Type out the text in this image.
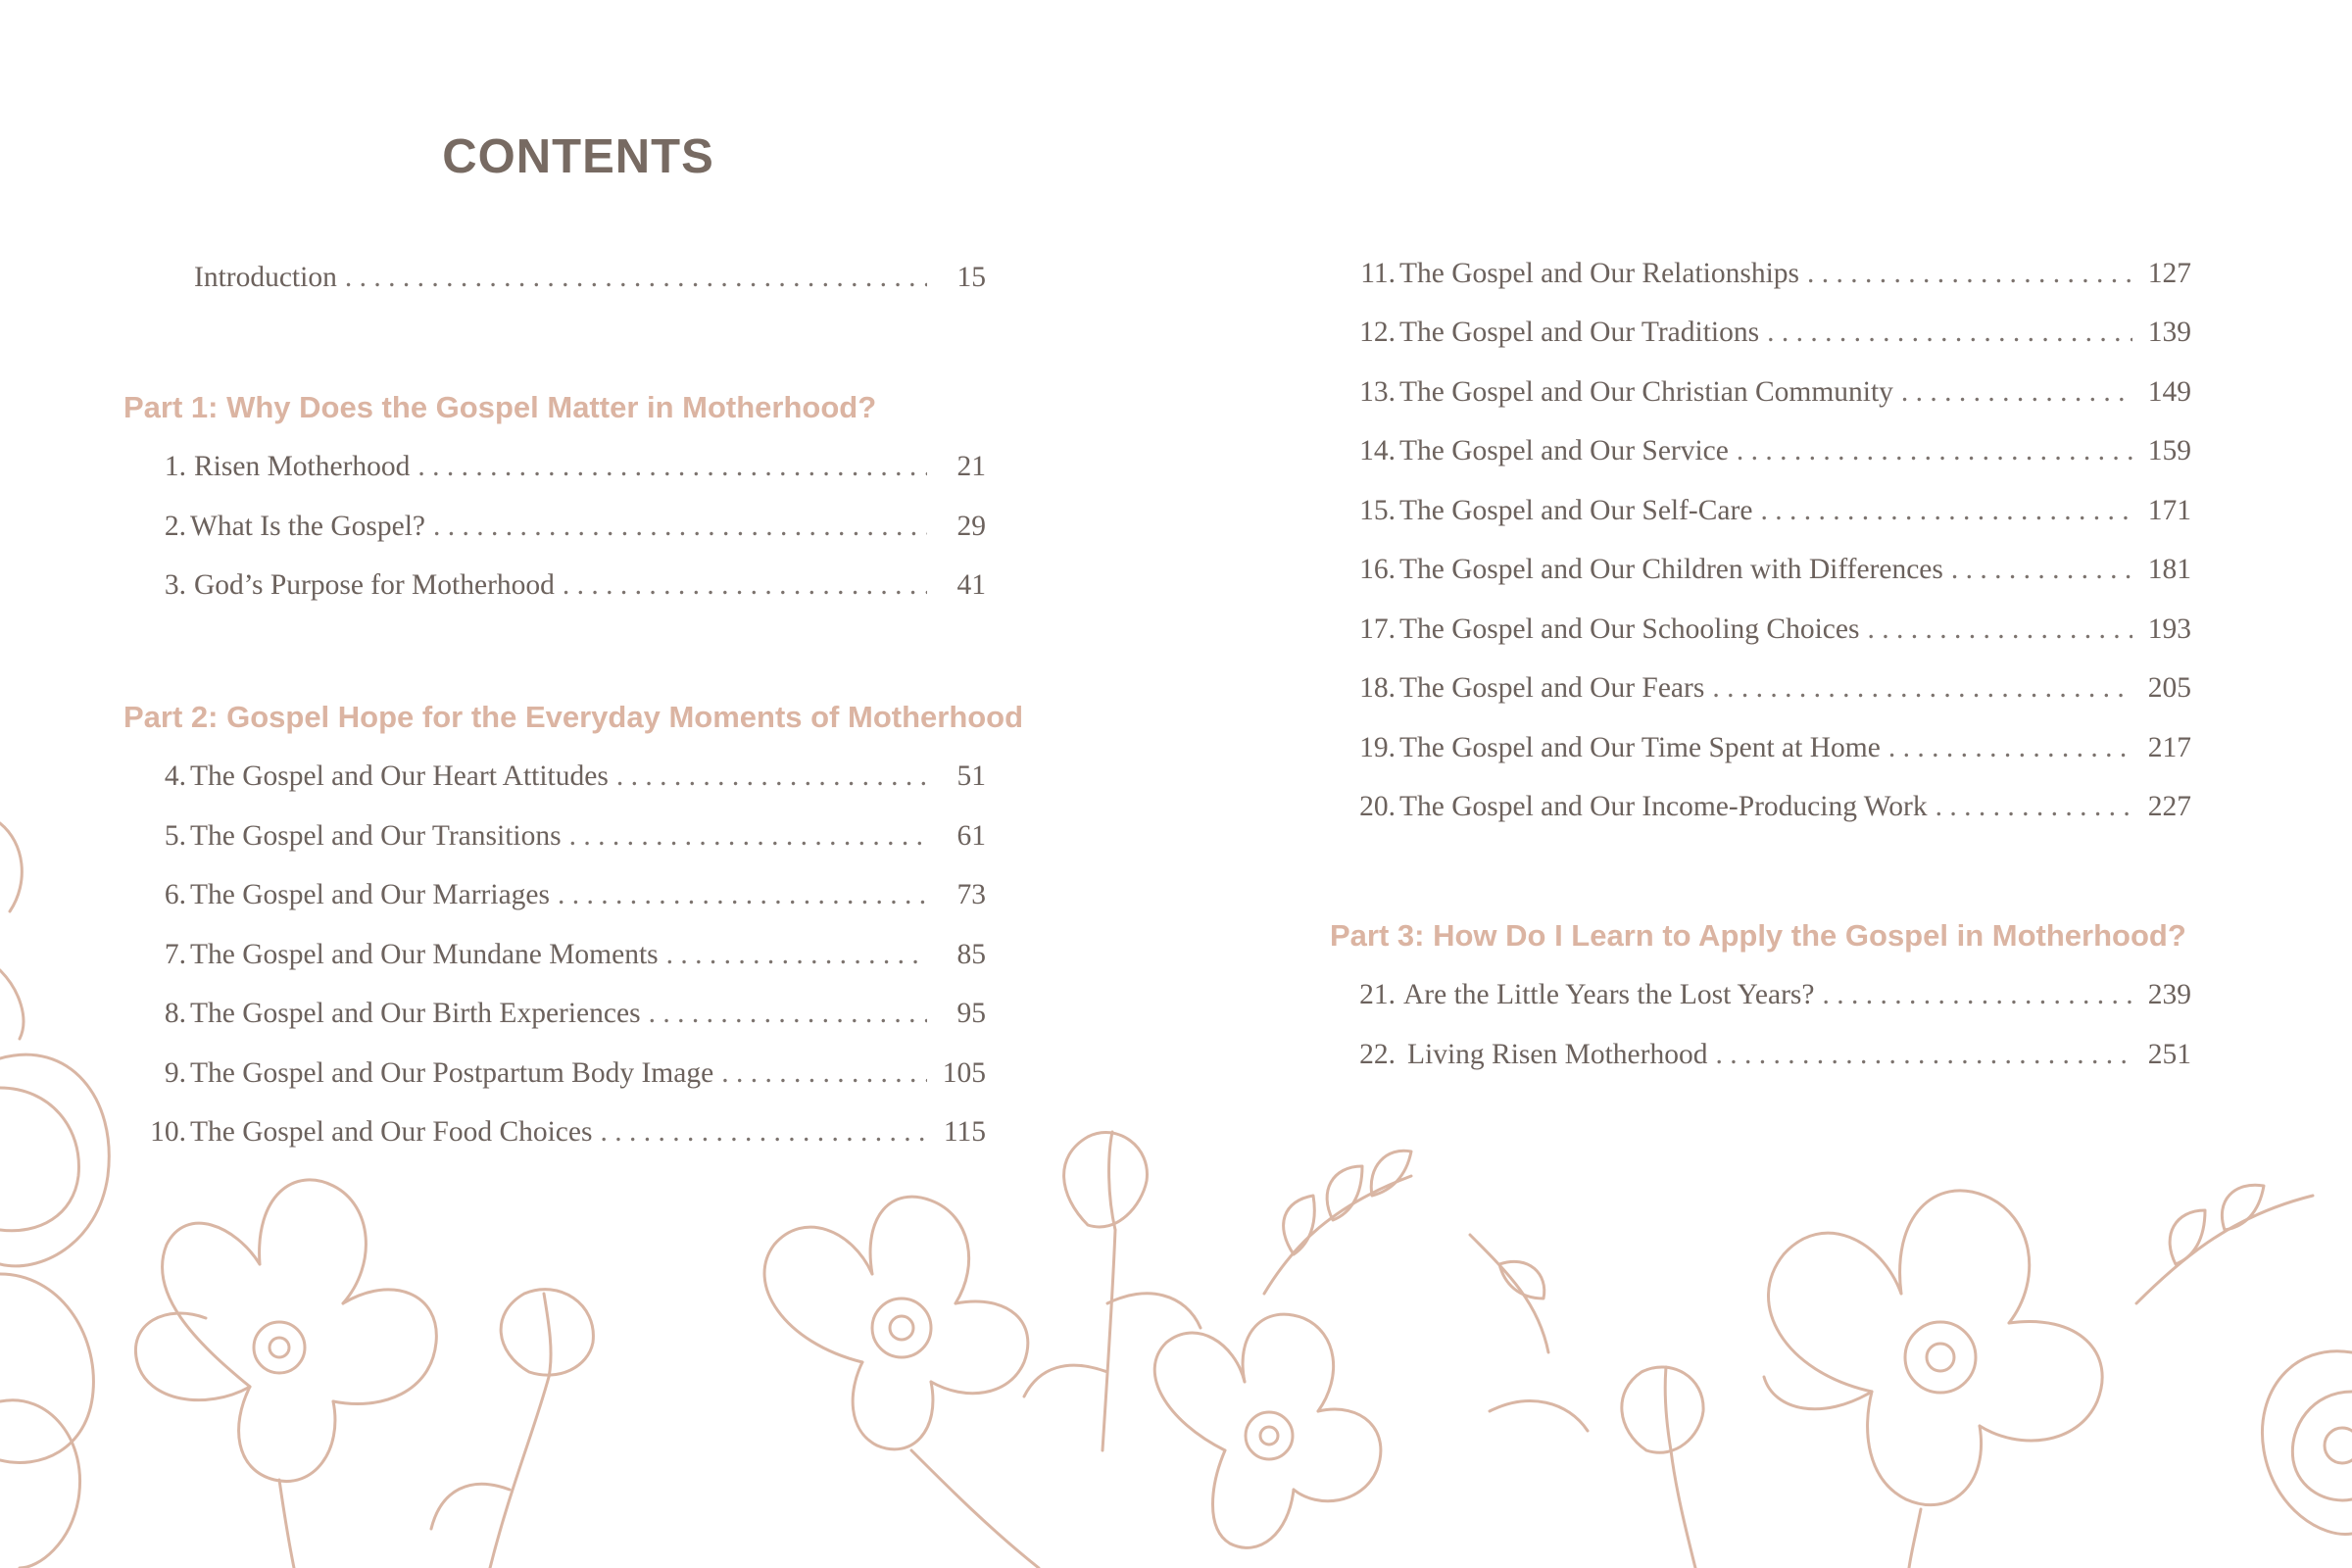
CONTENTS
Introduction . . .	15
Part 1: Why Does the Gospel Matter in Motherhood?
1. Risen Motherhood . . .	21
2. What Is the Gospel? . . .	29
3. God’s Purpose for Motherhood . . .	41
Part 2: Gospel Hope for the Everyday Moments of Motherhood
4. The Gospel and Our Heart Attitudes . . .	51
5. The Gospel and Our Transitions . . .	61
6. The Gospel and Our Marriages . . .	73
7. The Gospel and Our Mundane Moments . . .	85
8. The Gospel and Our Birth Experiences . . .	95
9. The Gospel and Our Postpartum Body Image . . .	105
10. The Gospel and Our Food Choices . . .	115
11. The Gospel and Our Relationships . . .	127
12. The Gospel and Our Traditions . . .	139
13. The Gospel and Our Christian Community . . .	149
14. The Gospel and Our Service . . .	159
15. The Gospel and Our Self-Care . . .	171
16. The Gospel and Our Children with Differences . . .	181
17. The Gospel and Our Schooling Choices . . .	193
18. The Gospel and Our Fears . . .	205
19. The Gospel and Our Time Spent at Home . . .	217
20. The Gospel and Our Income-Producing Work . . .	227
Part 3: How Do I Learn to Apply the Gospel in Motherhood?
21. Are the Little Years the Lost Years? . . .	239
22. Living Risen Motherhood . . .	251
